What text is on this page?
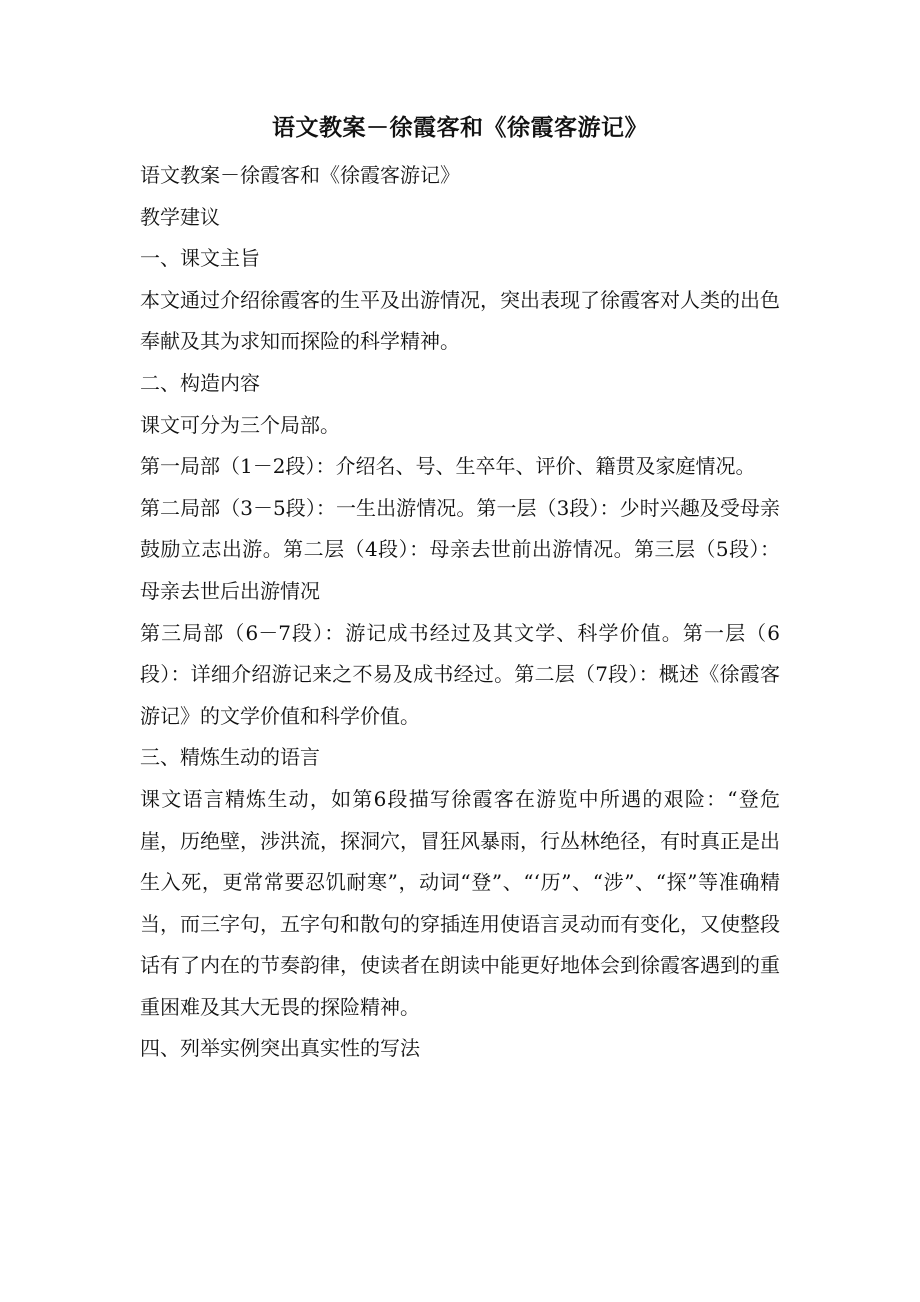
语文教案－徐霞客和《徐霞客游记》

语文教案－徐霞客和《徐霞客游记》

教学建议

一、课文主旨

本文通过介绍徐霞客的生平及出游情况，突出表现了徐霞客对人类的出色奉献及其为求知而探险的科学精神。

二、构造内容

课文可分为三个局部。

第一局部（1－2段）：介绍名、号、生卒年、评价、籍贯及家庭情况。

第二局部（3－5段）：一生出游情况。第一层（3段）：少时兴趣及受母亲鼓励立志出游。第二层（4段）：母亲去世前出游情况。第三层（5段）：母亲去世后出游情况

第三局部（6－7段）：游记成书经过及其文学、科学价值。第一层（6段）：详细介绍游记来之不易及成书经过。第二层（7段）：概述《徐霞客游记》的文学价值和科学价值。

三、精炼生动的语言

课文语言精炼生动，如第6段描写徐霞客在游览中所遇的艰险：“登危崖，历绝壁，涉洪流，探洞穴，冒狂风暴雨，行丛林绝径，有时真正是出生入死，更常常要忍饥耐寒”，动词“登”、“‘历”、“涉”、“探”等准确精当，而三字句，五字句和散句的穿插连用使语言灵动而有变化，又使整段话有了内在的节奏韵律，使读者在朗读中能更好地体会到徐霞客遇到的重重困难及其大无畏的探险精神。

四、列举实例突出真实性的写法
